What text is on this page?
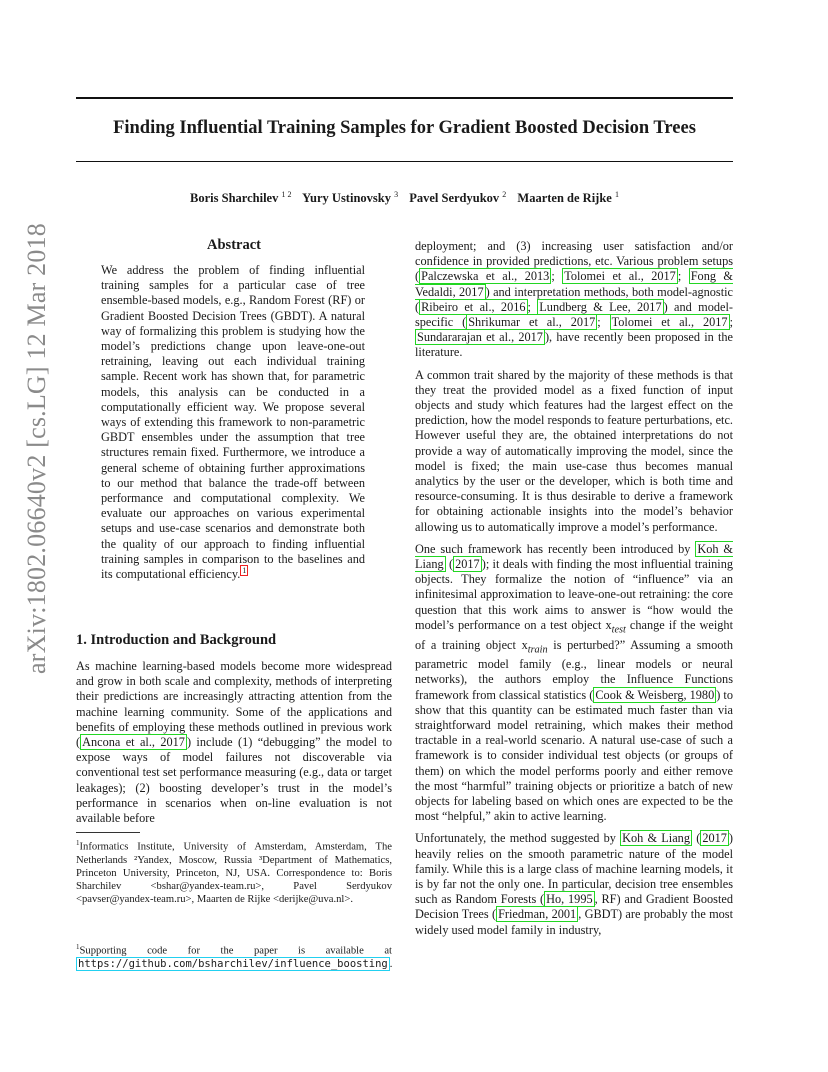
Finding Influential Training Samples for Gradient Boosted Decision Trees
Boris Sharchilev $^{1 2}$ Yury Ustinovsky $^3$ Pavel Serdyukov $^2$ Maarten de Rijke $^1$
arXiv:1802.06640v2 [cs.LG] 12 Mar 2018	Abstract
We address the problem of finding influential training samples for a particular case of tree ensemble-based models, e.g., Random Forest (RF) or Gradient Boosted Decision Trees (GBDT). A natural way of formalizing this problem is studying how the model’s predictions change upon leave-one-out retraining, leaving out each individual training sample. Recent work has shown that, for parametric models, this analysis can be conducted in a computationally efficient way. We propose several ways of extending this framework to non-parametric GBDT ensembles under the assumption that tree structures remain fixed. Furthermore, we introduce a general scheme of obtaining further approximations to our method that balance the trade-off between performance and computational complexity. We evaluate our approaches on various experimental setups and use-case scenarios and demonstrate both the quality of our approach to finding influential training samples in comparison to the baselines and its computational efficiency. $^1$
1. Introduction and Background

As machine learning-based models become more widespread and grow in both scale and complexity, methods of interpreting their predictions are increasingly attracting attention from the machine learning community. Some of the applications and benefits of employing these methods outlined in previous work ( Ancona et al., 2017 ) include (1) “debugging” the model to expose ways of model failures not discoverable via conventional test set performance measuring (e.g., data or target leakages); (2) boosting developer’s trust in the model’s performance in scenarios when on-line evaluation is not available before

$^1$Informatics Institute, University of Amsterdam, Amsterdam, The Netherlands ²Yandex, Moscow, Russia ³Department of Mathematics, Princeton University, Princeton, NJ, USA. Correspondence to: Boris Sharchilev <bshar@yandex-team.ru>, Pavel Serdyukov <pavser@yandex-team.ru>, Maarten de Rijke <derijke@uva.nl>.
$^1$Supporting code for the paper is available at https://github.com/bsharchilev/influence_boosting .

deployment; and (3) increasing user satisfaction and/or confidence in provided predictions, etc. Various problem setups ( Palczewska et al., 2013 ; Tolomei et al., 2017 ; Fong & Vedaldi, 2017 ) and interpretation methods, both model-agnostic ( Ribeiro et al., 2016 ; Lundberg & Lee, 2017 ) and model-specific ( Shrikumar et al., 2017 ; Tolomei et al., 2017 ; Sundararajan et al., 2017 ), have recently been proposed in the literature.

A common trait shared by the majority of these methods is that they treat the provided model as a fixed function of input objects and study which features had the largest effect on the prediction, how the model responds to feature perturbations, etc. However useful they are, the obtained interpretations do not provide a way of automatically improving the model, since the model is fixed; the main use-case thus becomes manual analytics by the user or the developer, which is both time and resource-consuming. It is thus desirable to derive a framework for obtaining actionable insights into the model’s behavior allowing us to automatically improve a model’s performance.

One such framework has recently been introduced by Koh & Liang ( 2017 ); it deals with finding the most influential training objects. They formalize the notion of “influence” via an infinitesimal approximation to leave-one-out retraining: the core question that this work aims to answer is “how would the model’s performance on a test object $x_{test}$ change if the weight of a training object $x_{train}$ is perturbed?” Assuming a smooth parametric model family (e.g., linear models or neural networks), the authors employ the Influence Functions framework from classical statistics ( Cook & Weisberg, 1980 ) to show that this quantity can be estimated much faster than via straightforward model retraining, which makes their method tractable in a real-world scenario. A natural use-case of such a framework is to consider individual test objects (or groups of them) on which the model performs poorly and either remove the most “harmful” training objects or prioritize a batch of new objects for labeling based on which ones are expected to be the most “helpful,” akin to active learning.

Unfortunately, the method suggested by Koh & Liang ( 2017 ) heavily relies on the smooth parametric nature of the model family. While this is a large class of machine learning models, it is by far not the only one. In particular, decision tree ensembles such as Random Forests ( Ho, 1995 , RF) and Gradient Boosted Decision Trees ( Friedman, 2001 , GBDT) are probably the most widely used model family in industry,
